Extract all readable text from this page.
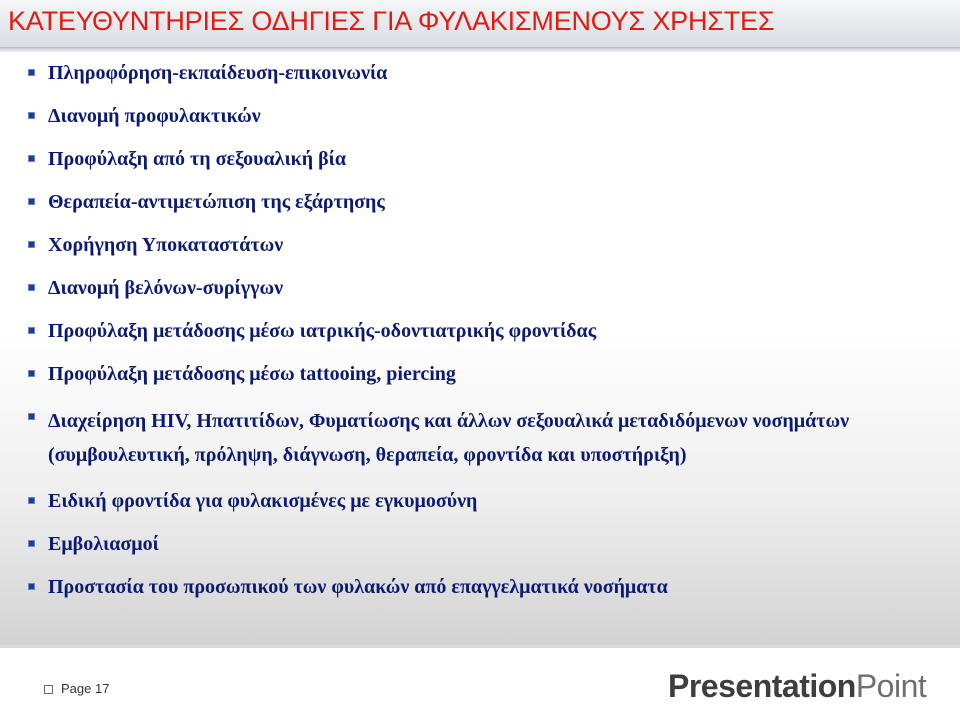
ΚΑΤΕΥΘΥΝΤΗΡΙΕΣ ΟΔΗΓΙΕΣ ΓΙΑ ΦΥΛΑΚΙΣΜΕΝΟΥΣ ΧΡΗΣΤΕΣ
Πληροφόρηση-εκπαίδευση-επικοινωνία
Διανομή προφυλακτικών
Προφύλαξη από τη σεξουαλική βία
Θεραπεία-αντιμετώπιση της εξάρτησης
Χορήγηση Υποκαταστάτων
Διανομή βελόνων-συρίγγων
Προφύλαξη μετάδοσης μέσω ιατρικής-οδοντιατρικής φροντίδας
Προφύλαξη μετάδοσης μέσω tattooing, piercing
Διαχείρηση HIV, Ηπατιτίδων, Φυματίωσης και άλλων σεξουαλικά μεταδιδόμενων νοσημάτων (συμβουλευτική, πρόληψη, διάγνωση, θεραπεία, φροντίδα και υποστήριξη)
Ειδική φροντίδα για φυλακισμένες με εγκυμοσύνη
Εμβολιασμοί
Προστασία του προσωπικού των φυλακών από επαγγελματικά νοσήματα
Page 17	PresentationPoint
